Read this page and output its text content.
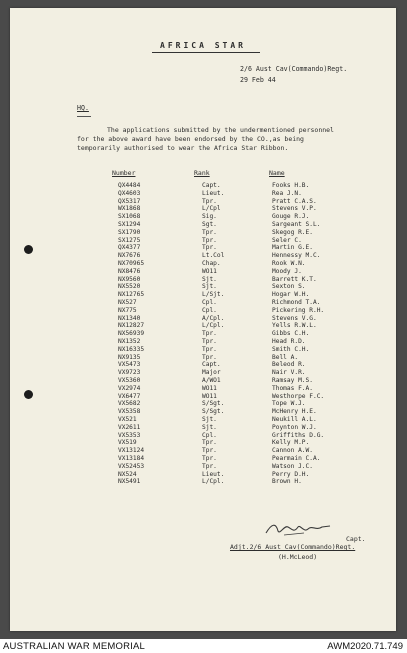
AFRICA STAR
2/6 Aust Cav(Commando)Regt.
29 Feb 44
HQ.
The applications submitted by the undermentioned personnel
for the above award have been endorsed by the CO.,as being
temporarily authorised to wear the Africa Star Ribbon.
Number	Rank	Name
QX4484	Capt.	Fooks H.B.
QX4603	Lieut.	Rea J.N.
QX5317	Tpr.	Pratt C.A.S.
WX1868	L/Cpl	Stevens V.P.
SX1068	Sig.	Gouge R.J.
SX1294	Sgt.	Sargeant S.L.
SX1790	Tpr.	Skegog R.E.
SX1275	Tpr.	Seler C.
QX4377	Tpr.	Martin G.E.
NX7676	Lt.Col	Hennessy M.C.
NX70965	Chap.	Rook W.N.
NX8476	WO11	Moody J.
NX9560	Sjt.	Barrett K.T.
NX5520	Sjt.	Sexton S.
NX12765	L/Sjt.	Hogar W.H.
NX527	Cpl.	Richmond T.A.
NX775	Cpl.	Pickering R.H.
NX1340	A/Cpl.	Stevens V.G.
NX12827	L/Cpl.	Yells R.W.L.
NX56939	Tpr.	Gibbs C.H.
NX1352	Tpr.	Head R.D.
NX16335	Tpr.	Smith C.H.
NX9135	Tpr.	Bell A.
VX5473	Capt.	Beleod R.
VX9723	Major	Nair V.R.
VX5360	A/WO1	Ramsay M.S.
VX2974	WO11	Thomas F.A.
VX6477	WO11	Westhorpe F.C.
VX5682	S/Sgt.	Tope W.J.
VX5358	S/Sgt.	McHenry H.E.
VX521	Sjt.	Neukill A.L.
VX2611	Sjt.	Poynton W.J.
VX5353	Cpl.	Griffiths D.G.
VX519	Tpr.	Kelly M.P.
VX13124	Tpr.	Cannon A.W.
VX13184	Tpr.	Pearmain C.A.
VX52453	Tpr.	Watson J.C.
NX524	Lieut.	Perry D.H.
NX5491	L/Cpl.	Brown H.
Capt.
Adjt.2/6 Aust Cav(Commando)Regt.
(H.McLeod)
AUSTRALIAN WAR MEMORIAL	AWM2020.71.749
